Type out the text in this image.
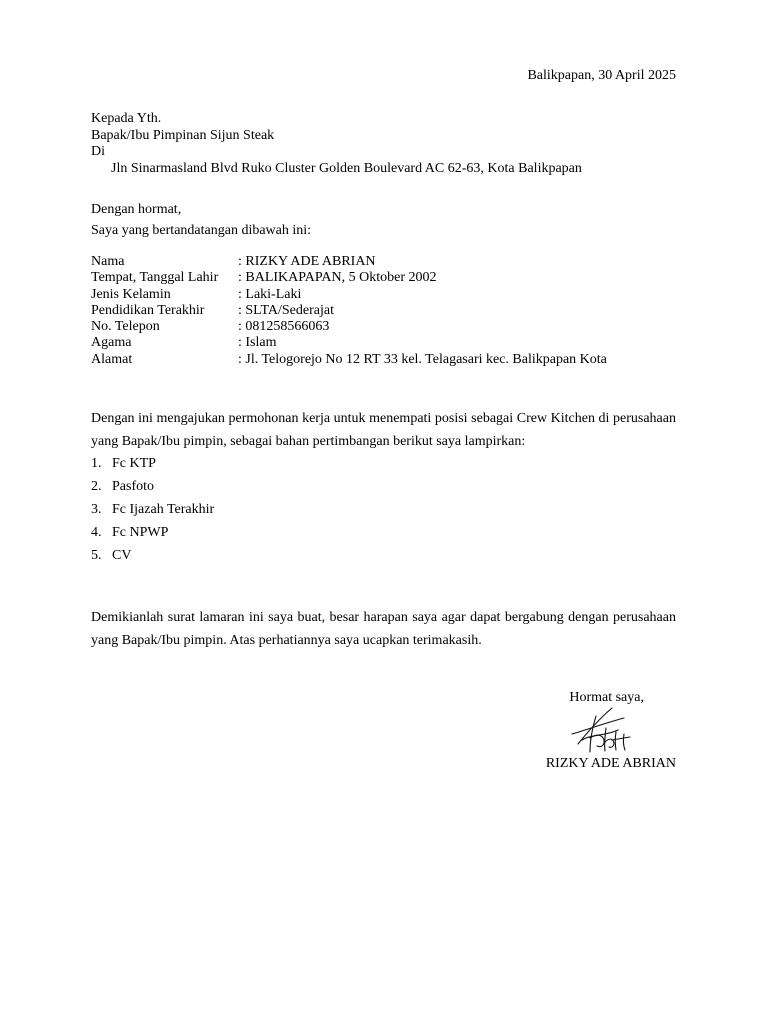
Balikpapan, 30 April 2025
Kepada Yth.
Bapak/Ibu Pimpinan Sijun Steak
Di
Jln Sinarmasland Blvd Ruko Cluster Golden Boulevard AC 62-63, Kota Balikpapan
Dengan hormat,
Saya yang bertandatangan dibawah ini:
Nama	: RIZKY ADE ABRIAN
Tempat, Tanggal Lahir	: BALIKAPAPAN, 5 Oktober 2002
Jenis Kelamin	: Laki-Laki
Pendidikan Terakhir	: SLTA/Sederajat
No. Telepon	: 081258566063
Agama	: Islam
Alamat	: Jl. Telogorejo No 12 RT 33 kel. Telagasari kec. Balikpapan Kota
Dengan ini mengajukan permohonan kerja untuk menempati posisi sebagai Crew Kitchen di perusahaan yang Bapak/Ibu pimpin, sebagai bahan pertimbangan berikut saya lampirkan:
1. Fc KTP
2. Pasfoto
3. Fc Ijazah Terakhir
4. Fc NPWP
5. CV
Demikianlah surat lamaran ini saya buat, besar harapan saya agar dapat bergabung dengan perusahaan yang Bapak/Ibu pimpin. Atas perhatiannya saya ucapkan terimakasih.
Hormat saya,
RIZKY ADE ABRIAN
